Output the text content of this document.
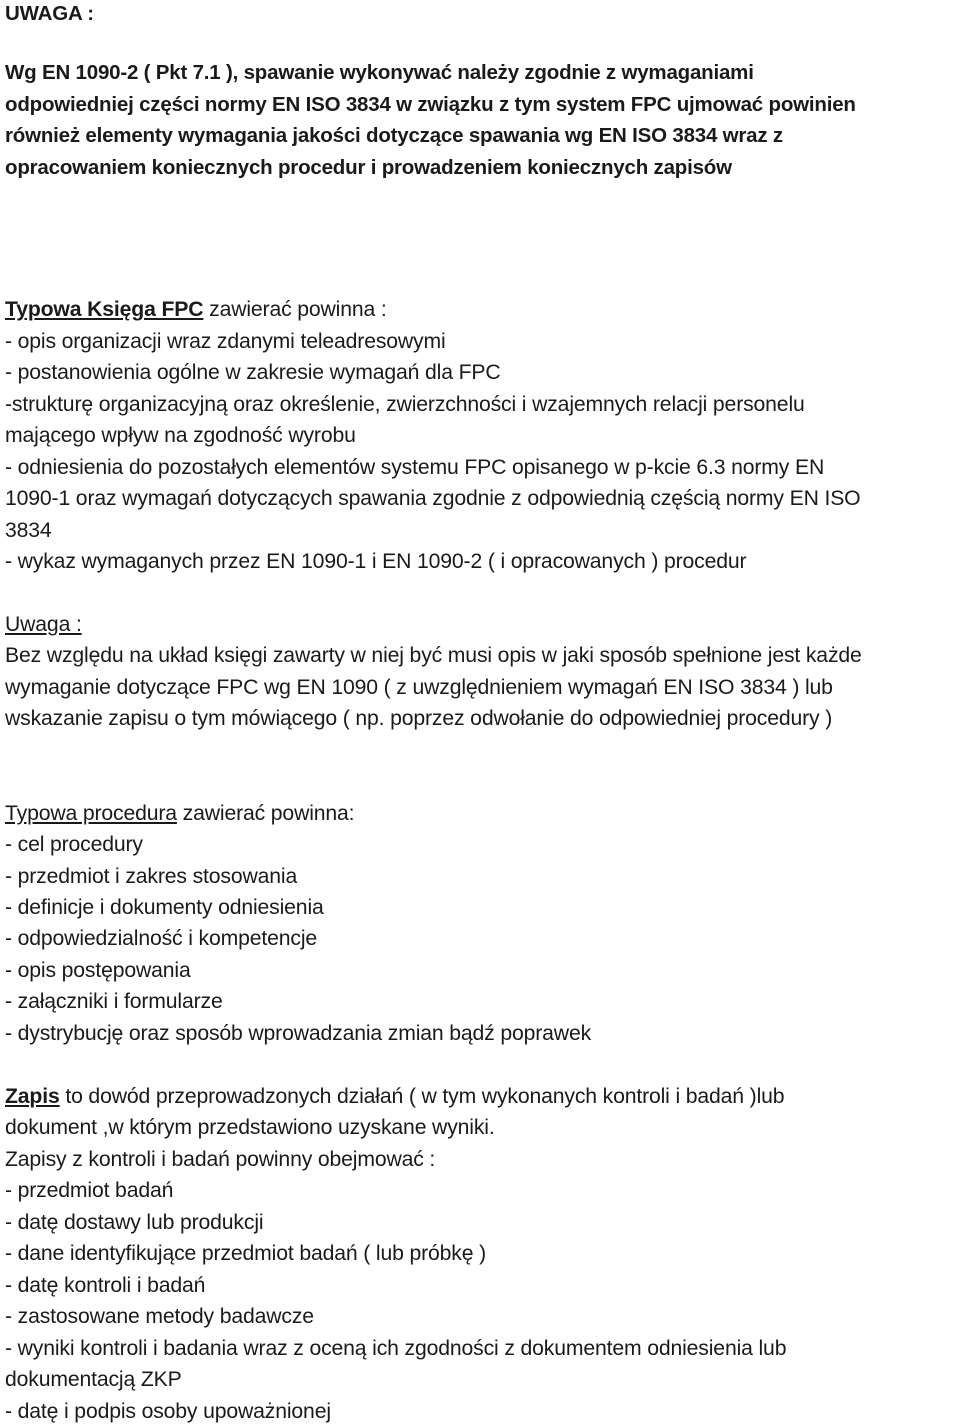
UWAGA :
Wg EN 1090-2 ( Pkt 7.1 ), spawanie wykonywać należy zgodnie z wymaganiami
odpowiedniej części normy EN ISO 3834 w związku z tym system FPC ujmować powinien
również elementy wymagania jakości dotyczące spawania wg EN ISO 3834 wraz z
opracowaniem koniecznych procedur i prowadzeniem koniecznych zapisów
Typowa Księga FPC zawierać powinna :
- opis organizacji wraz zdanymi teleadresowymi
- postanowienia ogólne w zakresie wymagań dla FPC
-strukturę organizacyjną oraz określenie, zwierzchności i wzajemnych relacji personelu
mającego wpływ na zgodność wyrobu
- odniesienia do pozostałych elementów systemu FPC opisanego w p-kcie 6.3 normy EN
1090-1 oraz wymagań dotyczących spawania zgodnie z odpowiednią częścią normy EN ISO
3834
- wykaz wymaganych przez EN 1090-1 i EN 1090-2 ( i opracowanych ) procedur
Uwaga :
Bez względu na układ księgi zawarty w niej być musi opis w jaki sposób spełnione jest każde
wymaganie dotyczące FPC wg EN 1090 ( z uwzględnieniem wymagań EN ISO 3834 ) lub
wskazanie zapisu o tym mówiącego ( np. poprzez odwołanie do odpowiedniej procedury )
Typowa procedura zawierać powinna:
- cel procedury
- przedmiot i zakres stosowania
- definicje i dokumenty odniesienia
- odpowiedzialność i kompetencje
- opis postępowania
- załączniki i formularze
- dystrybucję oraz sposób wprowadzania zmian bądź poprawek
Zapis to dowód przeprowadzonych działań ( w tym wykonanych kontroli i badań )lub
dokument ,w którym przedstawiono uzyskane wyniki.
Zapisy z kontroli i badań powinny obejmować :
- przedmiot badań
- datę dostawy lub produkcji
- dane identyfikujące przedmiot badań ( lub próbkę )
- datę kontroli i badań
- zastosowane metody badawcze
- wyniki kontroli i badania wraz z oceną ich zgodności z dokumentem odniesienia lub
dokumentacją ZKP
- datę i podpis osoby upoważnionej
